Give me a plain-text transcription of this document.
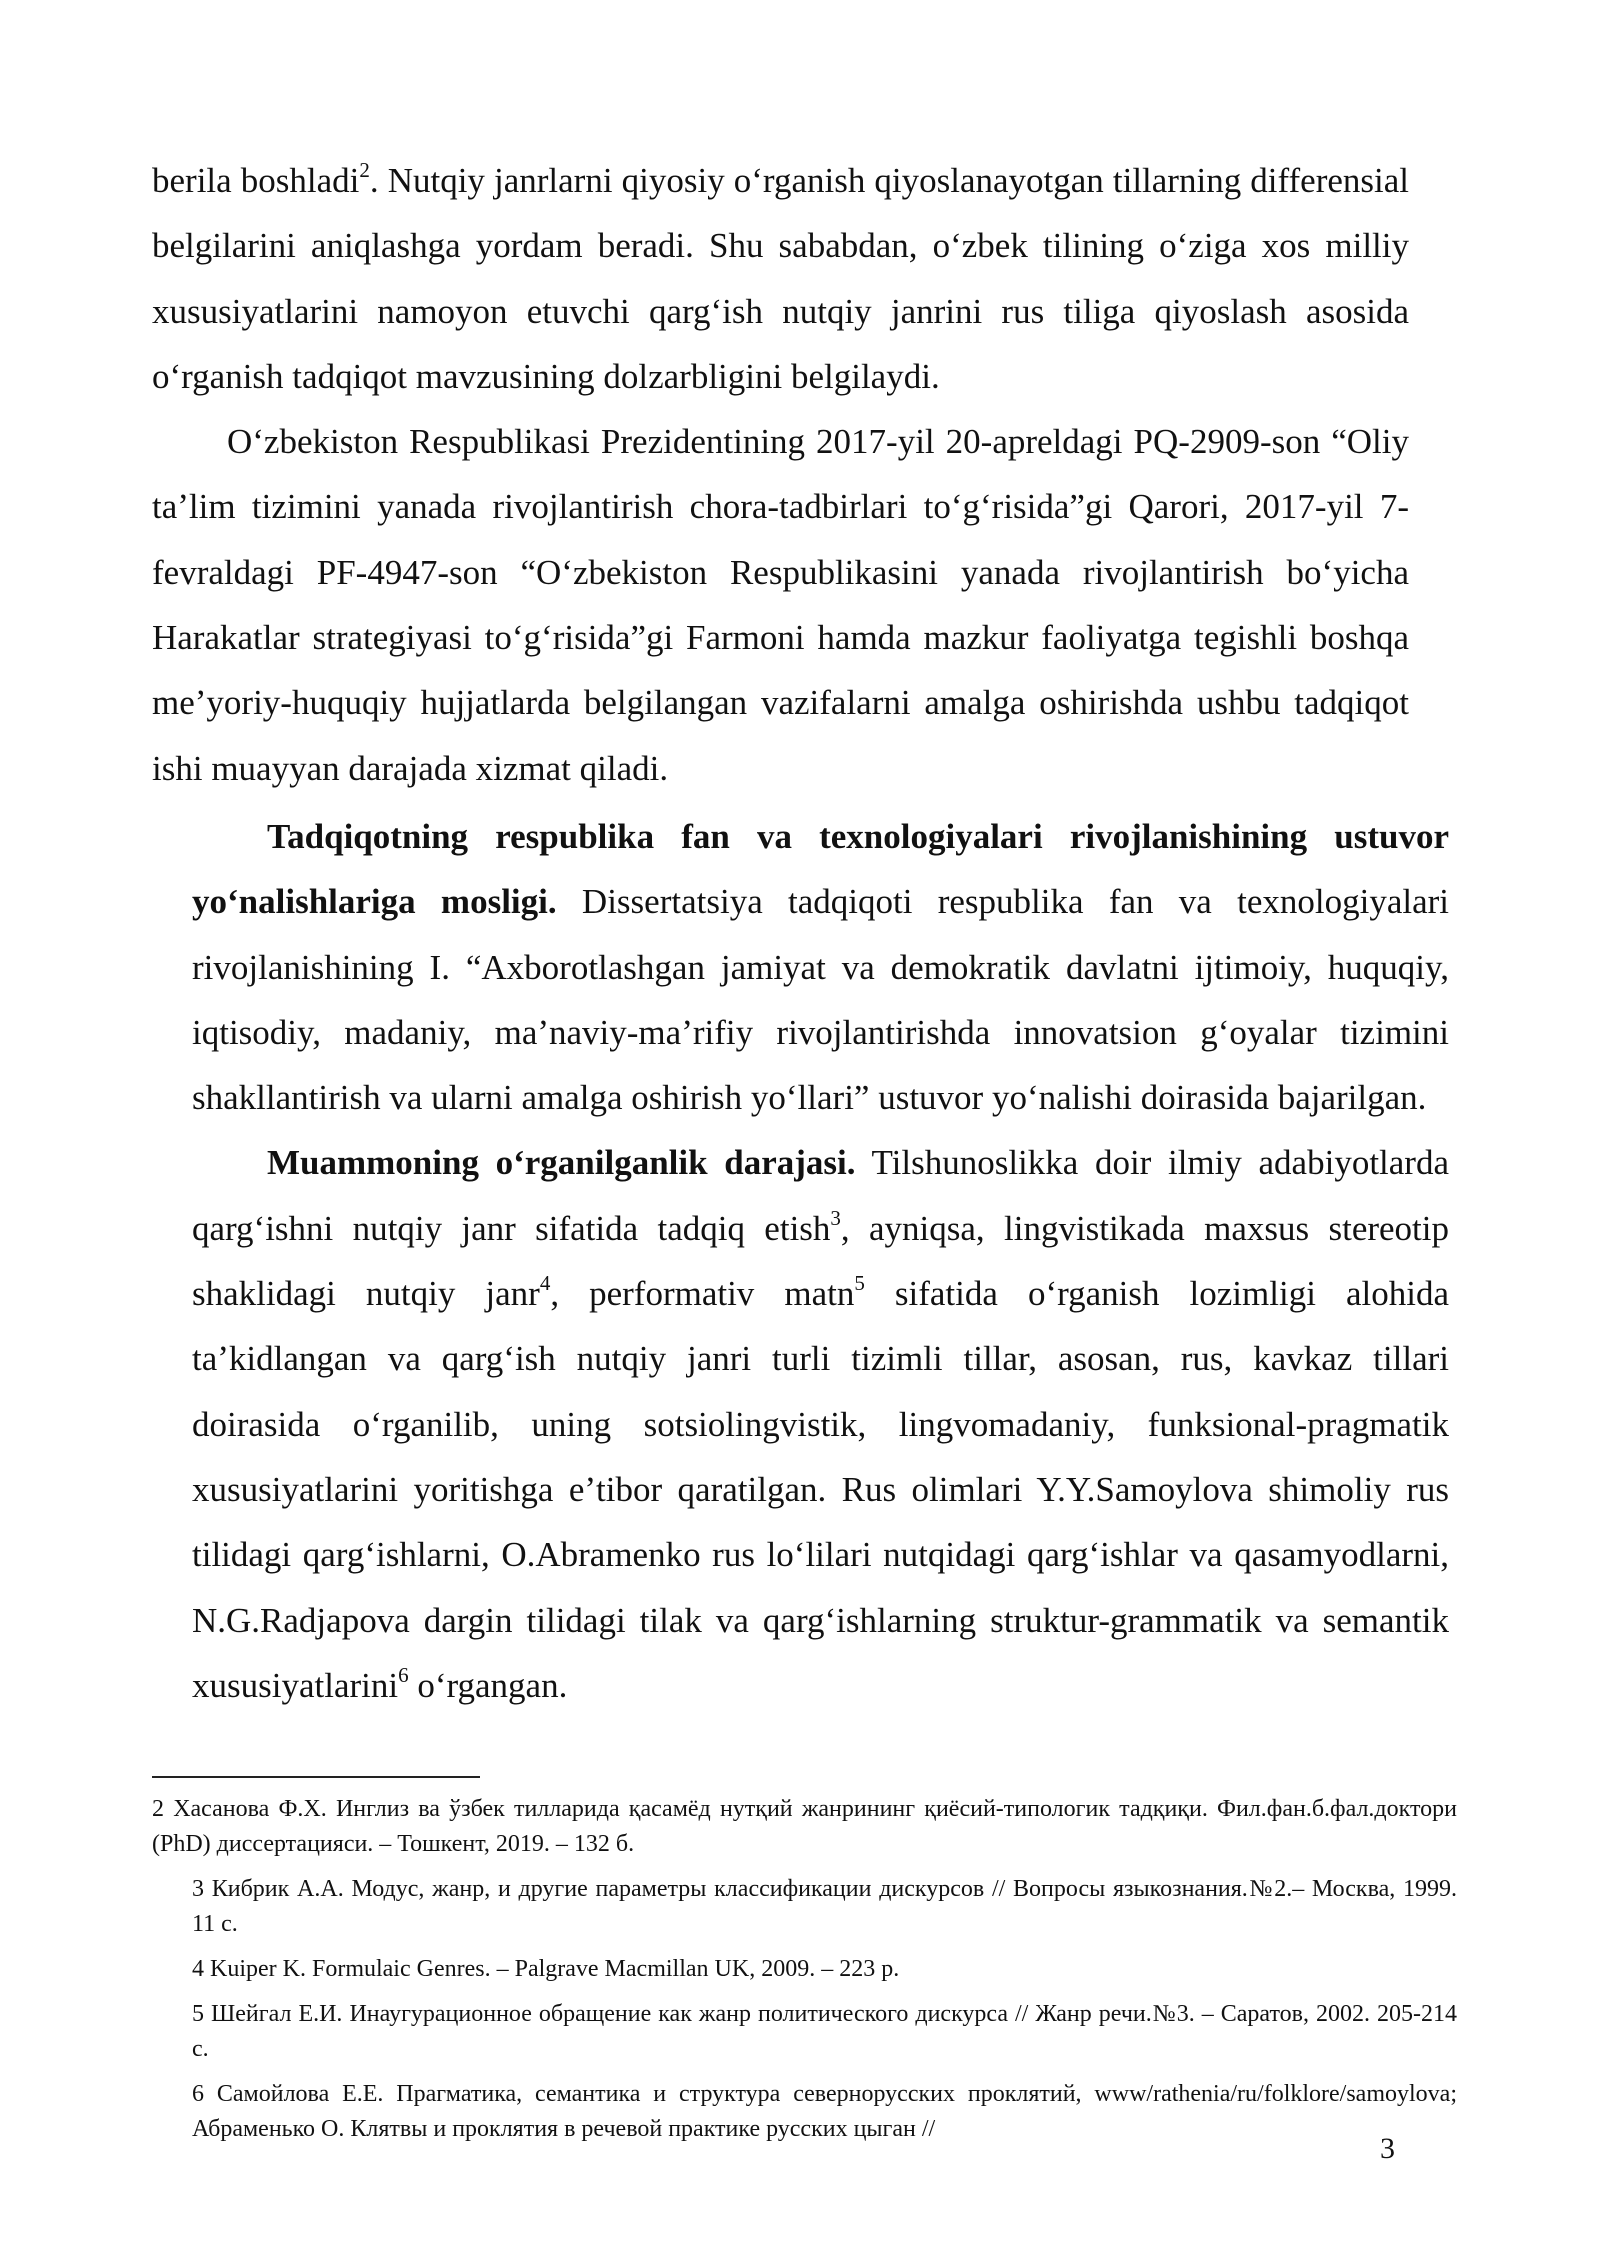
berila boshladi$^2$. Nutqiy janrlarni qiyosiy oʻrganish qiyoslanayotgan tillarning differensial belgilarini aniqlashga yordam beradi. Shu sababdan, oʻzbek tilining oʻziga xos milliy xususiyatlarini namoyon etuvchi qargʻish nutqiy janrini rus tiliga qiyoslash asosida oʻrganish tadqiqot mavzusining dolzarbligini belgilaydi.

Oʻzbekiston Respublikasi Prezidentining 2017-yil 20-apreldagi PQ-2909-son “Oliy taʼlim tizimini yanada rivojlantirish chora-tadbirlari toʻgʻrisida”gi Qarori, 2017-yil 7-fevraldagi PF-4947-son “Oʻzbekiston Respublikasini yanada rivojlantirish boʻyicha Harakatlar strategiyasi toʻgʻrisida”gi Farmoni hamda mazkur faoliyatga tegishli boshqa meʼyoriy-huquqiy hujjatlarda belgilangan vazifalarni amalga oshirishda ushbu tadqiqot ishi muayyan darajada xizmat qiladi.

Tadqiqotning respublika fan va texnologiyalari rivojlanishining ustuvor yoʻnalishlariga mosligi. Dissertatsiya tadqiqoti respublika fan va texnologiyalari rivojlanishining I. “Axborotlashgan jamiyat va demokratik davlatni ijtimoiy, huquqiy, iqtisodiy, madaniy, maʼnaviy-maʼrifiy rivojlantirishda innovatsion gʻoyalar tizimini shakllantirish va ularni amalga oshirish yoʻllari” ustuvor yoʻnalishi doirasida bajarilgan.

Muammoning oʻrganilganlik darajasi. Tilshunoslikka doir ilmiy adabiyotlarda qargʻishni nutqiy janr sifatida tadqiq etish$^3$, ayniqsa, lingvistikada maxsus stereotip shaklidagi nutqiy janr$^4$, performativ matn$^5$ sifatida oʻrganish lozimligi alohida taʼkidlangan va qargʻish nutqiy janri turli tizimli tillar, asosan, rus, kavkaz tillari doirasida oʻrganilib, uning sotsiolingvistik, lingvomadaniy, funksional-pragmatik xususiyatlarini yoritishga eʼtibor qaratilgan. Rus olimlari Y.Y.Samoylova shimoliy rus tilidagi qargʻishlarni, O.Abramenko rus loʻlilari nutqidagi qargʻishlar va qasamyodlarni, N.G.Radjapova dargin tilidagi tilak va qargʻishlarning struktur-grammatik va semantik xususiyatlarini$^6$ oʻrgangan.

2 Хасанова Ф.Х. Инглиз ва ўзбек тилларида қасамёд нутқий жанрининг қиёсий-типологик тадқиқи. Фил.фан.б.фал.доктори (PhD) диссертацияси. – Тошкент, 2019. – 132 б.

3 Кибрик А.А. Модус, жанр, и другие параметры классификации дискурсов // Вопросы языкознания.№2.– Москва, 1999. 11 с.

4 Kuiper K. Formulaic Genres. – Palgrave Macmillan UK, 2009. – 223 p.

5 Шейгал Е.И. Инаугурационное обращение как жанр политического дискурса // Жанр речи.№3. – Саратов, 2002. 205-214 с.

6 Самойлова Е.Е. Прагматика, семантика и структура севернорусских проклятий, www/rathenia/ru/folklore/samoylova; Абраменько О. Клятвы и проклятия в речевой практике русских цыган //

3
